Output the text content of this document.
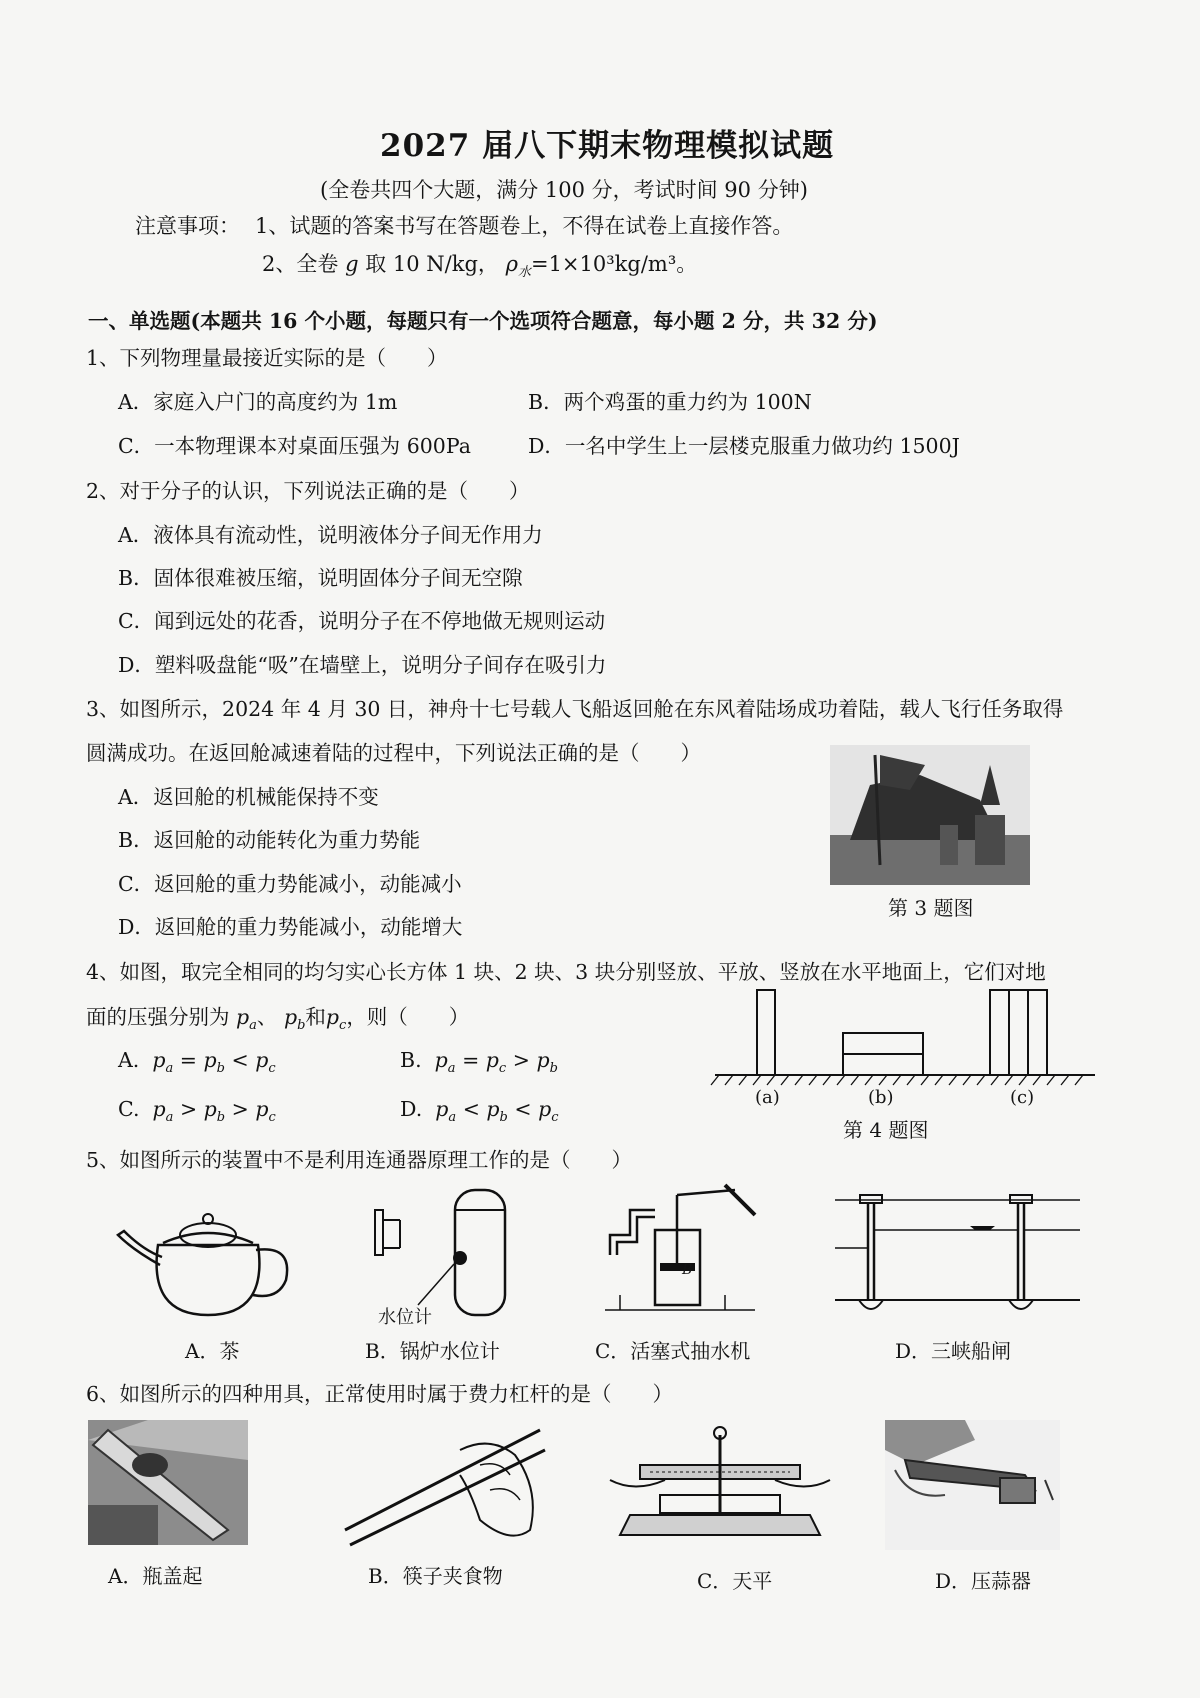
2027 届八下期末物理模拟试题
(全卷共四个大题，满分 100 分，考试时间 90 分钟)
注意事项： 1、试题的答案书写在答题卷上，不得在试卷上直接作答。
2、全卷 g 取 10 N/kg， $\rho_水=1\times 10^3kg/m^3$。
一、单选题(本题共 16 个小题，每题只有一个选项符合题意，每小题 2 分，共 32 分)
1、下列物理量最接近实际的是（　　）
A．家庭入户门的高度约为 1m	B．两个鸡蛋的重力约为 100N
C．一本物理课本对桌面压强为 600Pa	D．一名中学生上一层楼克服重力做功约 1500J
2、对于分子的认识，下列说法正确的是（　　）
A．液体具有流动性，说明液体分子间无作用力
B．固体很难被压缩，说明固体分子间无空隙
C．闻到远处的花香，说明分子在不停地做无规则运动
D．塑料吸盘能“吸”在墙壁上，说明分子间存在吸引力
3、如图所示，2024 年 4 月 30 日，神舟十七号载人飞船返回舱在东风着陆场成功着陆，载人飞行任务取得
圆满成功。在返回舱减速着陆的过程中，下列说法正确的是（　　）
A．返回舱的机械能保持不变
B．返回舱的动能转化为重力势能
C．返回舱的重力势能减小，动能减小
D．返回舱的重力势能减小，动能增大
第 3 题图
4、如图，取完全相同的均匀实心长方体 1 块、2 块、3 块分别竖放、平放、竖放在水平地面上，它们对地
面的压强分别为 $p_a$、 $p_b$和$p_c$，则（　　）
A. $p_a = p_b < p_c$	B. $p_a = p_c > p_b$
C. $p_a > p_b > p_c$	D. $p_a < p_b < p_c$
(a)	(b)	(c)
第 4 题图
5、如图所示的装置中不是利用连通器原理工作的是（　　）
水位计
B
A．茶	B．锅炉水位计	C．活塞式抽水机	D．三峡船闸
6、如图所示的四种用具，正常使用时属于费力杠杆的是（　　）
A．瓶盖起	B．筷子夹食物	C．天平	D．压蒜器
